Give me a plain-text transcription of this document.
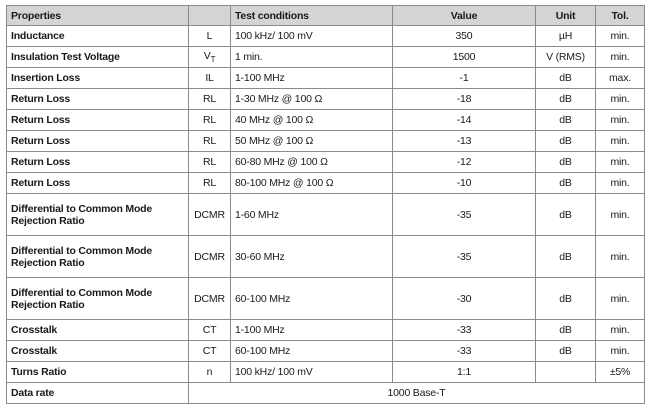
Properties		Test conditions	Value	Unit	Tol.
Inductance	L	100 kHz/ 100 mV	350	µH	min.
Insulation Test Voltage	$V_T$	1 min.	1500	V (RMS)	min.
Insertion Loss	IL	1-100 MHz	-1	dB	max.
Return Loss	RL	1-30 MHz @ 100 Ω	-18	dB	min.
Return Loss	RL	40 MHz @ 100 Ω	-14	dB	min.
Return Loss	RL	50 MHz @ 100 Ω	-13	dB	min.
Return Loss	RL	60-80 MHz @ 100 Ω	-12	dB	min.
Return Loss	RL	80-100 MHz @ 100 Ω	-10	dB	min.
Differential to Common Mode Rejection Ratio	DCMR	1-60 MHz	-35	dB	min.
Differential to Common Mode Rejection Ratio	DCMR	30-60 MHz	-35	dB	min.
Differential to Common Mode Rejection Ratio	DCMR	60-100 MHz	-30	dB	min.
Crosstalk	CT	1-100 MHz	-33	dB	min.
Crosstalk	CT	60-100 MHz	-33	dB	min.
Turns Ratio	n	100 kHz/ 100 mV	1:1		±5%
Data rate	1000 Base-T				
